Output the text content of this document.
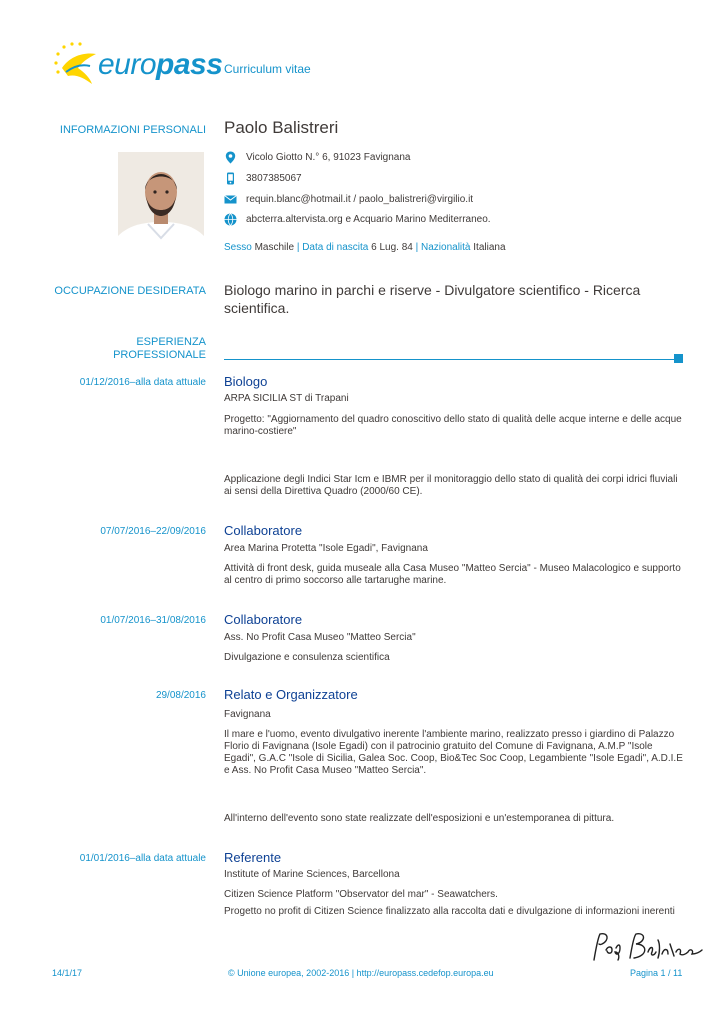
europass Curriculum vitae
INFORMAZIONI PERSONALI Paolo Balistreri
Vicolo Giotto N.° 6, 91023 Favignana
3807385067
requin.blanc@hotmail.it / paolo_balistreri@virgilio.it
abcterra.altervista.org e Acquario Marino Mediterraneo.
Sesso Maschile | Data di nascita 6 Lug. 84 | Nazionalità Italiana
OCCUPAZIONE DESIDERATA Biologo marino in parchi e riserve - Divulgatore scientifico - Ricerca scientifica.
ESPERIENZA
PROFESSIONALE
01/12/2016–alla data attuale Biologo
ARPA SICILIA ST di Trapani
Progetto: "Aggiornamento del quadro conoscitivo dello stato di qualità delle acque interne e delle acque marino-costiere"
Applicazione degli Indici Star Icm e IBMR per il monitoraggio dello stato di qualità dei corpi idrici fluviali ai sensi della Direttiva Quadro (2000/60 CE).
07/07/2016–22/09/2016 Collaboratore
Area Marina Protetta "Isole Egadi", Favignana
Attività di front desk, guida museale alla Casa Museo "Matteo Sercia" - Museo Malacologico e supporto al centro di primo soccorso alle tartarughe marine.
01/07/2016–31/08/2016 Collaboratore
Ass. No Profit Casa Museo "Matteo Sercia"
Divulgazione e consulenza scientifica
29/08/2016 Relato e Organizzatore
Favignana
Il mare e l'uomo, evento divulgativo inerente l'ambiente marino, realizzato presso i giardino di Palazzo Florio di Favignana (Isole Egadi) con il patrocinio gratuito del Comune di Favignana, A.M.P "Isole Egadi", G.A.C "Isole di Sicilia, Galea Soc. Coop, Bio&Tec Soc Coop, Legambiente "Isole Egadi", A.D.I.E e Ass. No Profit Casa Museo "Matteo Sercia".
All'interno dell'evento sono state realizzate dell'esposizioni e un'estemporanea di pittura.
01/01/2016–alla data attuale Referente
Institute of Marine Sciences, Barcellona
Citizen Science Platform "Observator del mar" - Seawatchers.
Progetto no profit di Citizen Science finalizzato alla raccolta dati e divulgazione di informazioni inerenti
14/1/17	© Unione europea, 2002-2016 | http://europass.cedefop.europa.eu	Pagina 1 / 11
